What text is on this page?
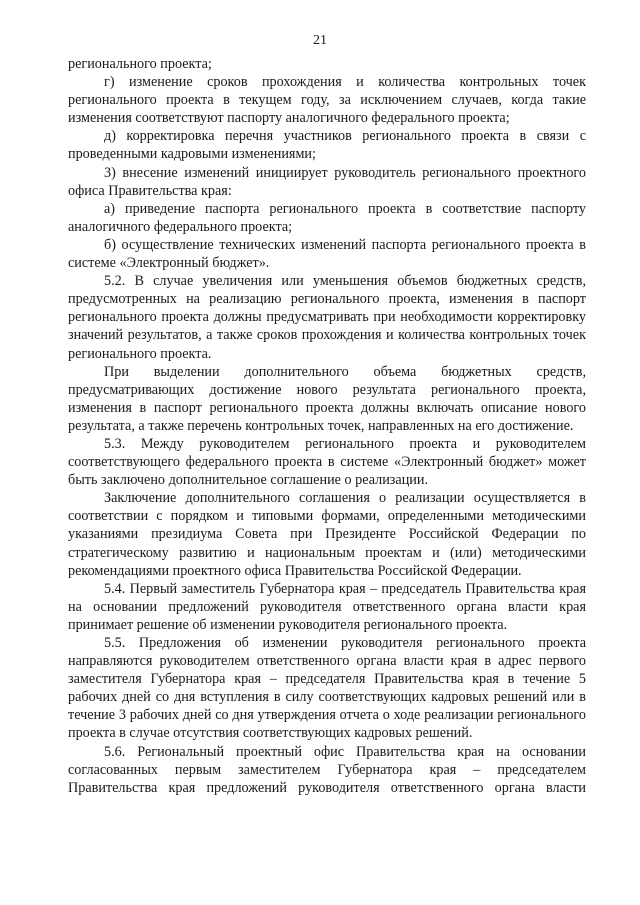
21

регионального проекта;

г) изменение сроков прохождения и количества контрольных точек регионального проекта в текущем году, за исключением случаев, когда такие изменения соответствуют паспорту аналогичного федерального проекта;

д) корректировка перечня участников регионального проекта в связи с проведенными кадровыми изменениями;

3) внесение изменений инициирует руководитель регионального проектного офиса Правительства края:

а) приведение паспорта регионального проекта в соответствие паспорту аналогичного федерального проекта;

б) осуществление технических изменений паспорта регионального проекта в системе «Электронный бюджет».

5.2. В случае увеличения или уменьшения объемов бюджетных средств, предусмотренных на реализацию регионального проекта, изменения в паспорт регионального проекта должны предусматривать при необходимости корректировку значений результатов, а также сроков прохождения и количества контрольных точек регионального проекта.

При выделении дополнительного объема бюджетных средств, предусматривающих достижение нового результата регионального проекта, изменения в паспорт регионального проекта должны включать описание нового результата, а также перечень контрольных точек, направленных на его достижение.

5.3. Между руководителем регионального проекта и руководителем соответствующего федерального проекта в системе «Электронный бюджет» может быть заключено дополнительное соглашение о реализации.

Заключение дополнительного соглашения о реализации осуществляется в соответствии с порядком и типовыми формами, определенными методическими указаниями президиума Совета при Президенте Российской Федерации по стратегическому развитию и национальным проектам и (или) методическими рекомендациями проектного офиса Правительства Российской Федерации.

5.4. Первый заместитель Губернатора края – председатель Правительства края на основании предложений руководителя ответственного органа власти края принимает решение об изменении руководителя регионального проекта.

5.5. Предложения об изменении руководителя регионального проекта направляются руководителем ответственного органа власти края в адрес первого заместителя Губернатора края – председателя Правительства края в течение 5 рабочих дней со дня вступления в силу соответствующих кадровых решений или в течение 3 рабочих дней со дня утверждения отчета о ходе реализации регионального проекта в случае отсутствия соответствующих кадровых решений.

5.6. Региональный проектный офис Правительства края на основании согласованных первым заместителем Губернатора края – председателем Правительства края предложений руководителя ответственного органа власти
